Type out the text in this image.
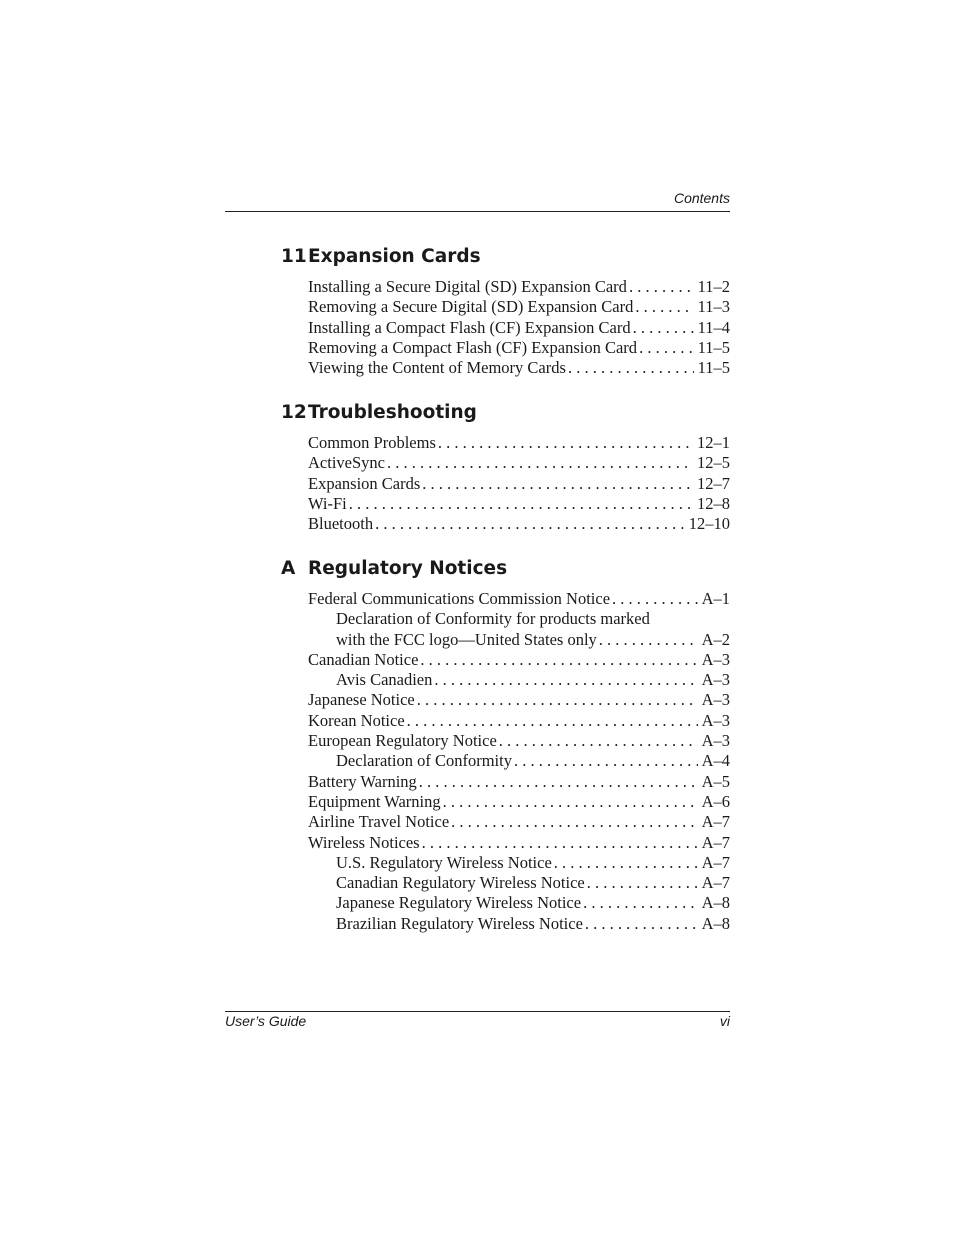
Contents
11Expansion Cards
Installing a Secure Digital (SD) Expansion Card . . .	11–2
Removing a Secure Digital (SD) Expansion Card . . .	11–3
Installing a Compact Flash (CF) Expansion Card . . .	11–4
Removing a Compact Flash (CF) Expansion Card . . .	11–5
Viewing the Content of Memory Cards . . .	11–5
12Troubleshooting
Common Problems . . .	12–1
ActiveSync . . .	12–5
Expansion Cards . . .	12–7
Wi-Fi . . .	12–8
Bluetooth . . .	12–10
A Regulatory Notices
Federal Communications Commission Notice . . .	A–1
Declaration of Conformity for products marked
with the FCC logo—United States only . . .	A–2
Canadian Notice . . .	A–3
Avis Canadien . . .	A–3
Japanese Notice . . .	A–3
Korean Notice . . .	A–3
European Regulatory Notice . . .	A–3
Declaration of Conformity . . .	A–4
Battery Warning . . .	A–5
Equipment Warning . . .	A–6
Airline Travel Notice . . .	A–7
Wireless Notices . . .	A–7
U.S. Regulatory Wireless Notice . . .	A–7
Canadian Regulatory Wireless Notice . . .	A–7
Japanese Regulatory Wireless Notice . . .	A–8
Brazilian Regulatory Wireless Notice . . .	A–8
User’s Guide	vi
